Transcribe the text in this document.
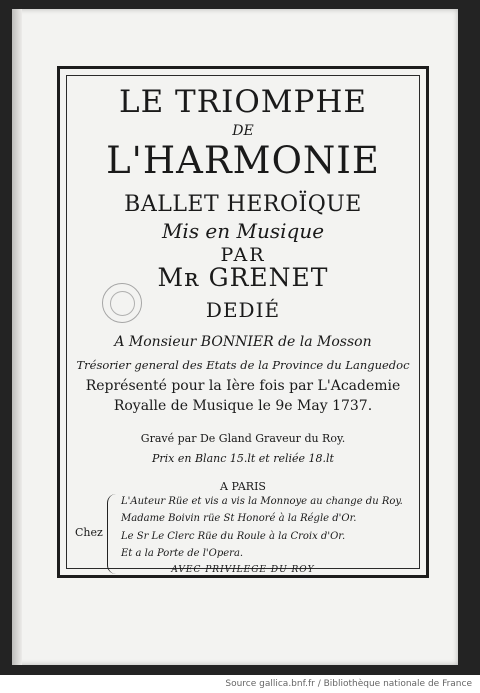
LE TRIOMPHE
DE
L'HARMONIE
BALLET HEROÏQUE
Mis en Musique
PAR
Mʀ GRENET
DEDIÉ
A Monsieur BONNIER de la Mosson
Trésorier general des Etats de la Province du Languedoc
Représenté pour la Ière fois par L'Academie
Royalle de Musique le 9e May 1737.
Gravé par De Gland Graveur du Roy.
Prix en Blanc 15.lt et reliée 18.lt
A PARIS
Chez
L'Auteur Rüe et vis a vis la Monnoye au change du Roy.
Madame Boivin rüe St Honoré à la Régle d'Or.
Le Sr Le Clerc Rüe du Roule à la Croix d'Or.
Et a la Porte de l'Opera.
AVEC PRIVILEGE DU ROY
Source gallica.bnf.fr / Bibliothèque nationale de France
